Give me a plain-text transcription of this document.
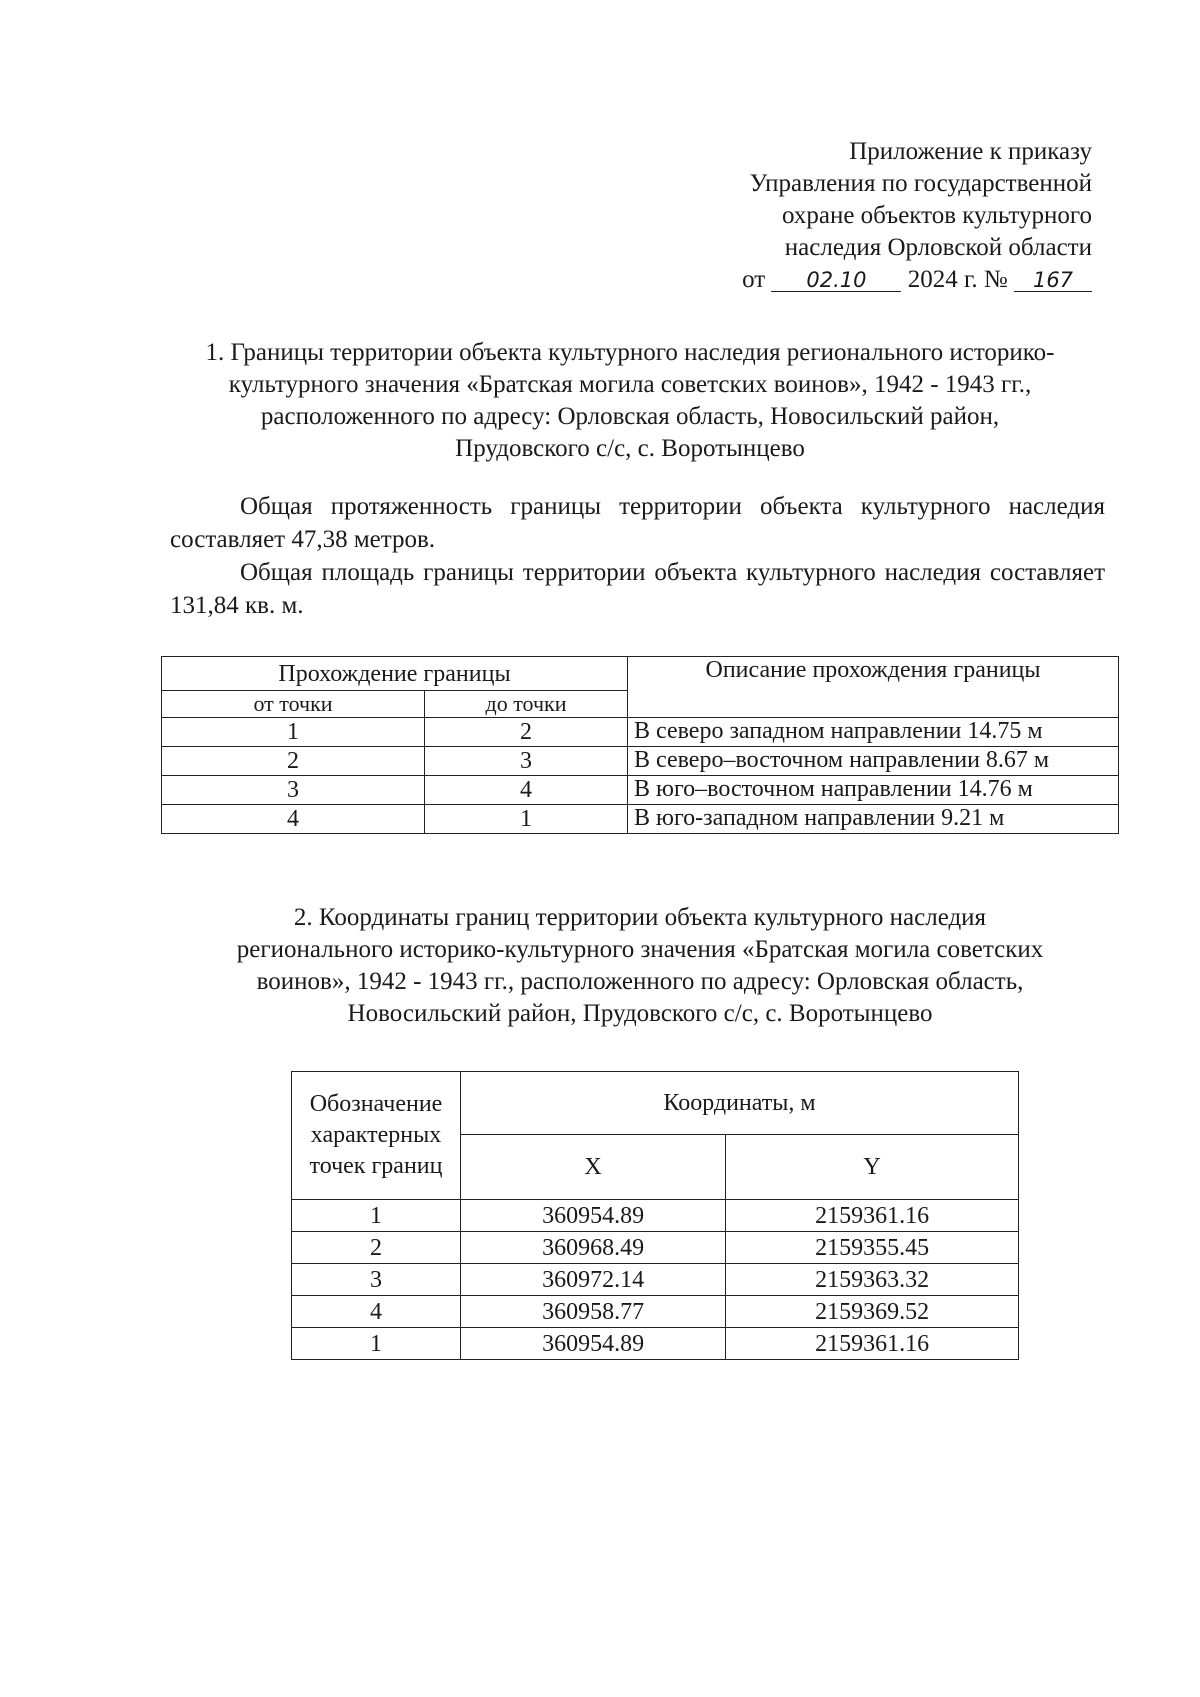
Приложение к приказу
Управления по государственной
охране объектов культурного
наследия Орловской области
от 02.10 2024 г. № 167
1. Границы территории объекта культурного наследия регионального историко-
культурного значения «Братская могила советских воинов», 1942 - 1943 гг.,
расположенного по адресу: Орловская область, Новосильский район,
Прудовского с/с, с. Воротынцево
Общая протяженность границы территории объекта культурного наследия составляет 47,38 метров.
Общая площадь границы территории объекта культурного наследия составляет 131,84 кв. м.
Прохождение границы		Описание прохождения границы
от точки	до точки	
1	2	В северо западном направлении 14.75 м
2	3	В северо–восточном направлении 8.67 м
3	4	В юго–восточном направлении 14.76 м
4	1	В юго-западном направлении 9.21 м
2. Координаты границ территории объекта культурного наследия
регионального историко-культурного значения «Братская могила советских
воинов», 1942 - 1943 гг., расположенного по адресу: Орловская область,
Новосильский район, Прудовского с/с, с. Воротынцево
Обозначение характерных точек границ	Координаты, м	
	X	Y
1	360954.89	2159361.16
2	360968.49	2159355.45
3	360972.14	2159363.32
4	360958.77	2159369.52
1	360954.89	2159361.16
